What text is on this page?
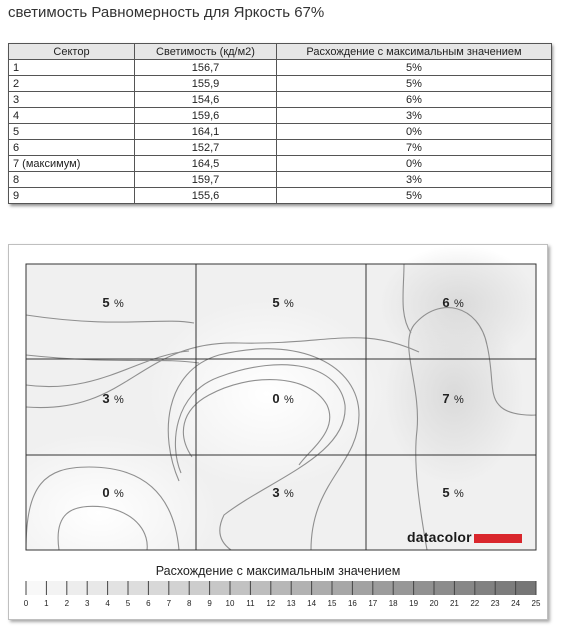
светимость Равномерность для Яркость 67%
Сектор	Светимость (кд/м2)	Расхождение с максимальным значением
1	156,7	5%
2	155,9	5%
3	154,6	6%
4	159,6	3%
5	164,1	0%
6	152,7	7%
7 (максимум)	164,5	0%
8	159,7	3%
9	155,6	5%
5 %	5 %	6 %
3 %	0 %	7 %
0 %	3 %	5 %
0 1 2 3 4 5 6 7 8 9 10 11 12 13 14 15 16 17 18 19 20 21 22 23 24 25
datacolor
Расхождение с максимальным значением
